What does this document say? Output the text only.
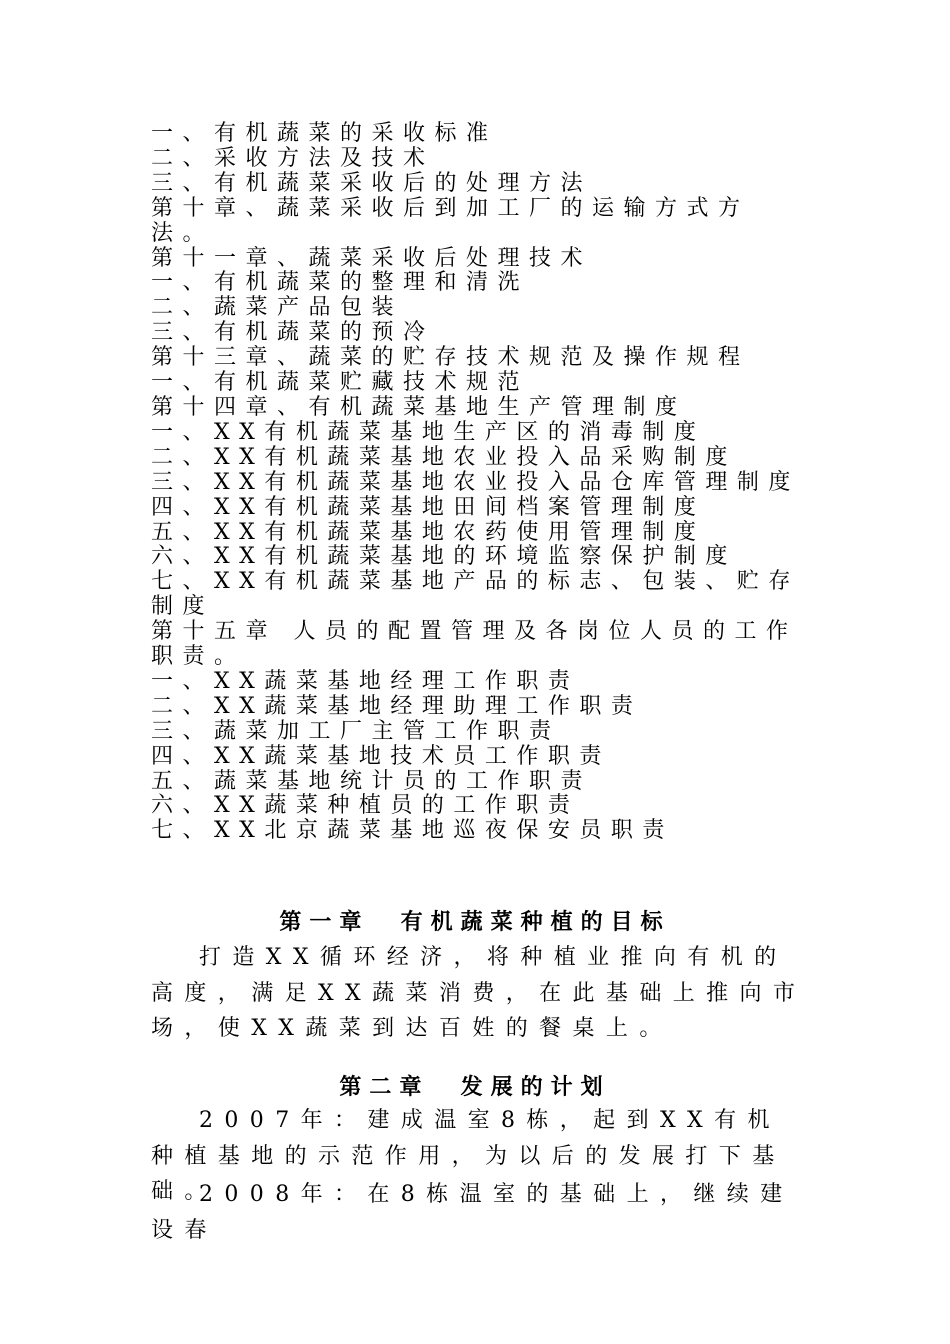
一、有机蔬菜的采收标准
二、采收方法及技术
三、有机蔬菜采收后的处理方法
第十章、蔬菜采收后到加工厂的运输方式方法。
第十一章、蔬菜采收后处理技术
一、有机蔬菜的整理和清洗
二、蔬菜产品包装
三、有机蔬菜的预冷
第十三章、蔬菜的贮存技术规范及操作规程
一、有机蔬菜贮藏技术规范
第十四章、有机蔬菜基地生产管理制度
一、XX有机蔬菜基地生产区的消毒制度
二、XX有机蔬菜基地农业投入品采购制度
三、XX有机蔬菜基地农业投入品仓库管理制度
四、XX有机蔬菜基地田间档案管理制度
五、XX有机蔬菜基地农药使用管理制度
六、XX有机蔬菜基地的环境监察保护制度
七、XX有机蔬菜基地产品的标志、包装、贮存制度
第十五章 人员的配置管理及各岗位人员的工作职责。
一、XX蔬菜基地经理工作职责
二、XX蔬菜基地经理助理工作职责
三、蔬菜加工厂主管工作职责
四、XX蔬菜基地技术员工作职责
五、蔬菜基地统计员的工作职责
六、XX蔬菜种植员的工作职责
七、XX北京蔬菜基地巡夜保安员职责
第一章  有机蔬菜种植的目标
打造XX循环经济，将种植业推向有机的高度，满足XX蔬菜消费，在此基础上推向市场，使XX蔬菜到达百姓的餐桌上。
第二章  发展的计划
2007年：建成温室8栋，起到XX有机种植基地的示范作用，为以后的发展打下基础。
2008年：在8栋温室的基础上，继续建设春
